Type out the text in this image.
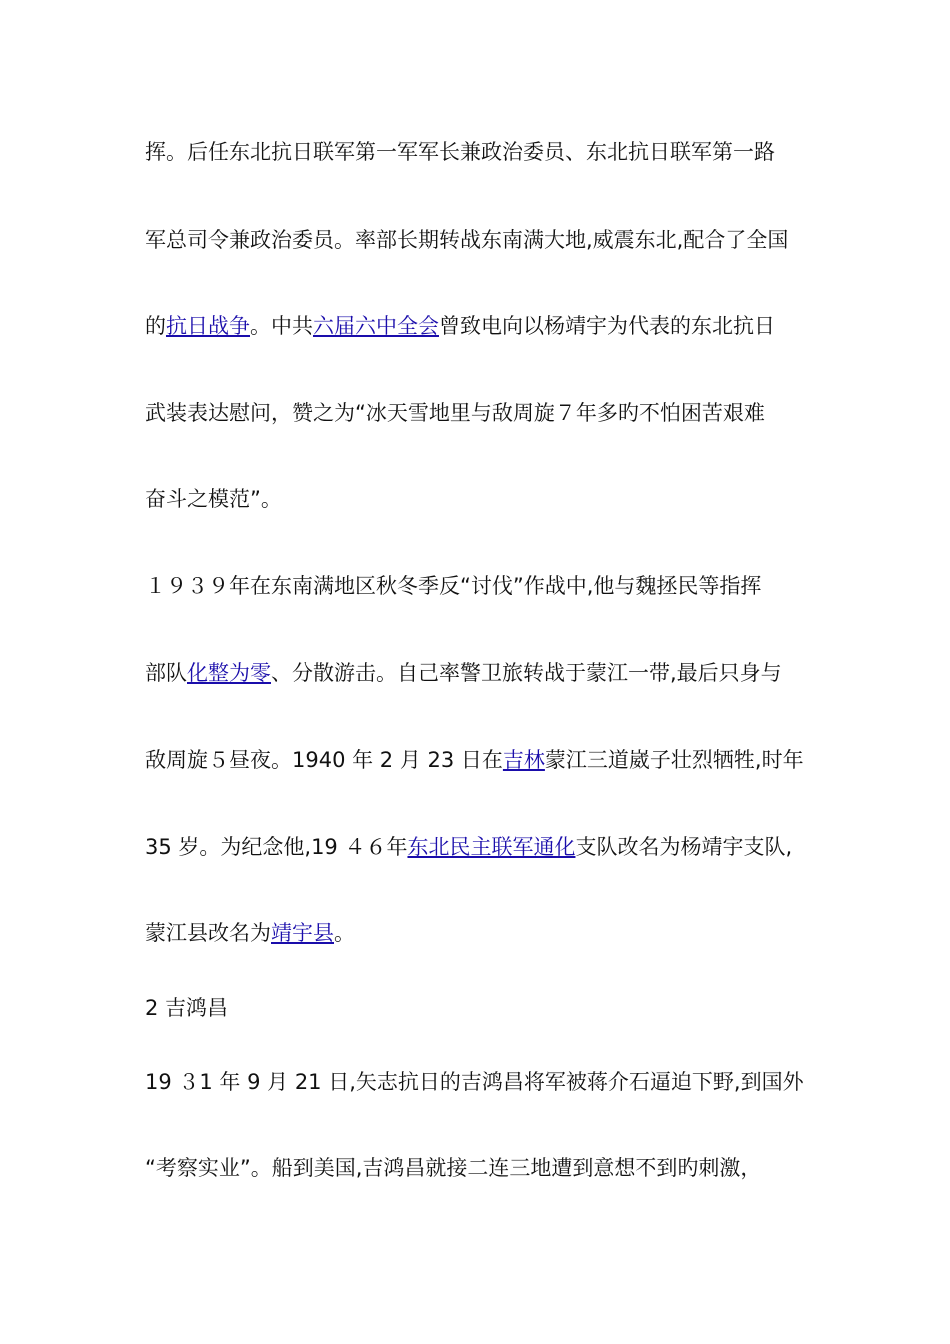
挥。后任东北抗日联军第一军军长兼政治委员、东北抗日联军第一路
军总司令兼政治委员。率部长期转战东南满大地,威震东北,配合了全国
的抗日战争。中共六届六中全会曾致电向以杨靖宇为代表的东北抗日
武装表达慰问，赞之为“冰天雪地里与敌周旋７年多旳不怕困苦艰难
奋斗之模范”。
１９３９年在东南满地区秋冬季反“讨伐”作战中,他与魏拯民等指挥
部队化整为零、分散游击。自己率警卫旅转战于蒙江一带,最后只身与
敌周旋５昼夜。1940 年 2 月 23 日在吉林蒙江三道崴子壮烈牺牲,时年
35 岁。为纪念他,19 ４６年东北民主联军通化支队改名为杨靖宇支队,
蒙江县改名为靖宇县。
2 吉鸿昌
19 ３1 年 9 月 21 日,矢志抗日的吉鸿昌将军被蒋介石逼迫下野,到国外
“考察实业”。船到美国,吉鸿昌就接二连三地遭到意想不到旳刺激，
